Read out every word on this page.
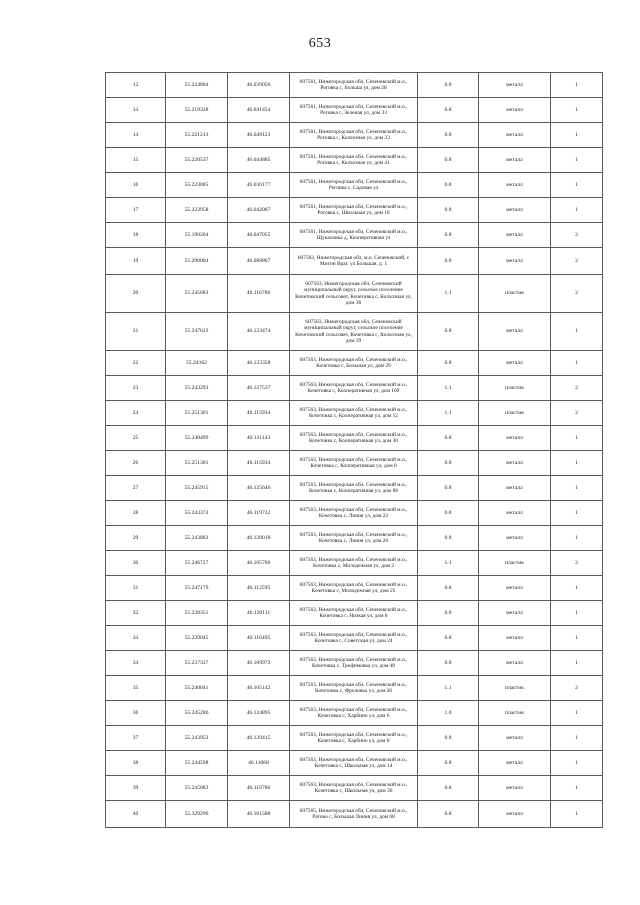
653
12	55.224804	46.039056	607561, Нижегородская обл, Сеченовский м.о., Роговка с, Больша ул, дом 28	0.8	металл	1
13	55.219338	46.041454	607561, Нижегородская обл, Сеченовский м.о., Роговка с, Зеленая ул, дом 33	0.8	металл	1
14	55.221213	46.049123	607561, Нижегородская обл, Сеченовский м.о., Роговка с, Колхозная ул, дом 23	0.8	металл	1
15	55.220537	46.044885	607561, Нижегородская обл, Сеченовский м.о., Роговка с, Колхозная ул, дом 41	0.8	металл	1
16	55.223085	46.036177	607561, Нижегородская обл, Сеченовский м.о., Роговка с, Садовая ул	0.8	металл	1
17	55.223958	46.042087	607561, Нижегородская обл, Сеченовский м.о., Роговка с, Школьная ул, дом 18	0.8	металл	1
18	55.190204	46.047055	607561, Нижегородская обл, Сеченовский м.о., Щукаловка д, Кооперативная ул	0.8	металл	2
19	55.290004	46.088867	607563, Нижегородская обл, м.о. Сеченовский, с Митин Враг, ул Большая, д. 1	0.8	металл	2
20	55.245683	46.116786	607563, Нижегородская обл, Сеченовский муниципальный округ, сельское поселение Кочетовский сельсовет, Кочетовка с, Колхозная ул, дом 36	1.1	пластик	2
21	55.247623	46.123474	607563, Нижегородская обл, Сеченовский муниципальный округ, сельское поселение Кочетовский сельсовет, Кочетовка с, Колхозная ул, дом 39	0.8	металл	1
22	55.24162	46.123358	607563, Нижегородская обл, Сеченовский м.о., Кочетовка с, Большая ул, дом 29	0.8	металл	1
23	55.243293	46.127537	607563, Нижегородская обл, Сеченовский м.о., Кочетовка с, Кооперативная ул, дом 109	1.1	пластик	2
24	55.251301	46.115934	607563, Нижегородская обл, Сеченовский м.о., Кочетовка с, Кооперативная ул, дом 12	1.1	пластик	2
25	55.248499	46.121143	607563, Нижегородская обл, Сеченовский м.о., Кочетовка с, Кооперативная ул, дом 30	0.8	металл	1
26	55.251301	46.115934	607563, Нижегородская обл, Сеченовский м.о., Кочетовка с, Кооперативная ул, дом 8	0.8	металл	1
27	55.245915	46.125646	607563, Нижегородская обл, Сеченовский м.о., Кочетовка с, Кооперативная ул, дом 88	0.8	металл	1
28	55.243374	46.119732	607563, Нижегородская обл, Сеченовский м.о., Кочетовка с, Линия ул, дом 22	0.8	металл	1
29	55.243863	46.120018	607563, Нижегородская обл, Сеченовский м.о., Кочетовка с, Линия ул, дом 26	0.8	металл	1
30	55.246727	46.105786	607563, Нижегородская обл, Сеченовский м.о., Кочетовка с, Молодежная ул, дом 2	1.1	пластик	2
31	55.247179	46.112595	607563, Нижегородская обл, Сеченовский м.о., Кочетовка с, Молодежная ул, дом 25	0.8	металл	1
32	55.238351	46.120111	607563, Нижегородская обл, Сеченовский м.о., Кочетовка с, Низкая ул, дом 8	0.8	металл	1
33	55.239045	46.116495	607563, Нижегородская обл, Сеченовский м.о., Кочетовка с, Советская ул, дом 24	0.8	металл	1
34	55.237337	46.109972	607563, Нижегородская обл, Сеченовский м.о., Кочетовка с, Трофимовка ул, дом 48	0.8	металл	1
35	55.240041	46.105142	607563, Нижегородская обл, Сеченовский м.о., Кочетовка с, Фроловка ул, дом 28	1.1	пластик	2
36	55.245286	46.124895	607563, Нижегородская обл, Сеченовский м.о., Кочетовка с, Харбино ул, дом 6	1.0	пластик	1
37	55.243953	46.129415	607563, Нижегородская обл, Сеченовский м.о., Кочетовка с, Харбино ул, дом 8	0.8	металл	1
38	55.244598	46.11068	607563, Нижегородская обл, Сеченовский м.о., Кочетовка с, Школьная ул, дом 14	0.8	металл	1
39	55.245083	46.116786	607563, Нижегородская обл, Сеченовский м.о., Кочетовка с, Школьная ул, дом 36	0.8	металл	1
40	55.329296	46.161588	607565, Нижегородская обл, Сеченовский м.о., Ратово с, Большая Линия ул, дом 68	0.8	металл	1
